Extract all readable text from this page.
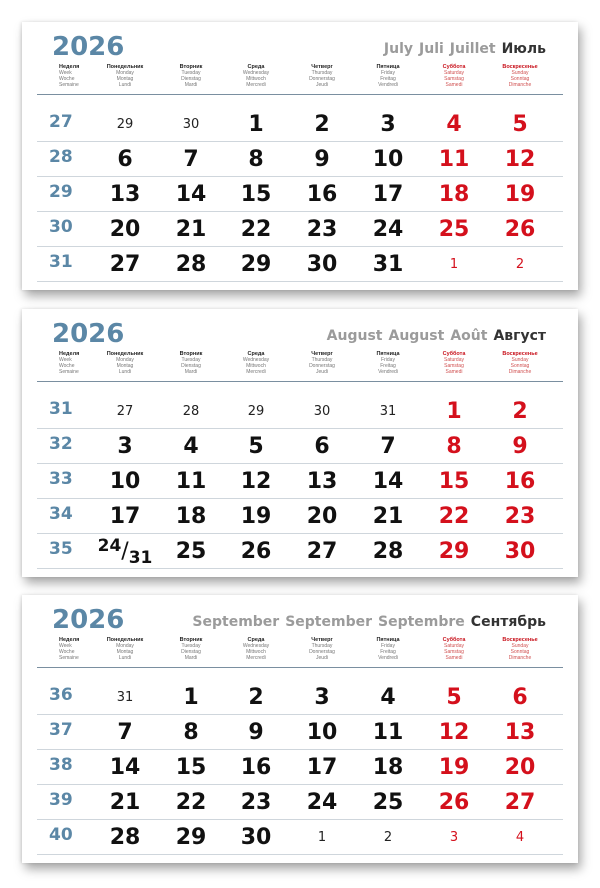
2026	July Juli Juillet Июль
Неделя
Week
Woche
Semaine
Понедельник
Monday
Montag
Lundi
Вторник
Tuesday
Dienstag
Mardi
Среда
Wednesday
Mittwoch
Mercredi
Четверг
Thursday
Donnerstag
Jeudi
Пятница
Friday
Freitag
Vendredi
Суббота
Saturday
Samstag
Samedi
Воскресенье
Sunday
Sonntag
Dimanche
27	29	30	1	2	3	4	5
28	6	7	8	9	10	11	12
29	13	14	15	16	17	18	19
30	20	21	22	23	24	25	26
31	27	28	29	30	31	1	2
2026	August August Août Август
Неделя
Week
Woche
Semaine
Понедельник
Monday
Montag
Lundi
Вторник
Tuesday
Dienstag
Mardi
Среда
Wednesday
Mittwoch
Mercredi
Четверг
Thursday
Donnerstag
Jeudi
Пятница
Friday
Freitag
Vendredi
Суббота
Saturday
Samstag
Samedi
Воскресенье
Sunday
Sonntag
Dimanche
31	27	28	29	30	31	1	2
32	3	4	5	6	7	8	9
33	10	11	12	13	14	15	16
34	17	18	19	20	21	22	23
35	24/31	25	26	27	28	29	30
2026	September September Septembre Сентябрь
Неделя
Week
Woche
Semaine
Понедельник
Monday
Montag
Lundi
Вторник
Tuesday
Dienstag
Mardi
Среда
Wednesday
Mittwoch
Mercredi
Четверг
Thursday
Donnerstag
Jeudi
Пятница
Friday
Freitag
Vendredi
Суббота
Saturday
Samstag
Samedi
Воскресенье
Sunday
Sonntag
Dimanche
36	31	1	2	3	4	5	6
37	7	8	9	10	11	12	13
38	14	15	16	17	18	19	20
39	21	22	23	24	25	26	27
40	28	29	30	1	2	3	4
